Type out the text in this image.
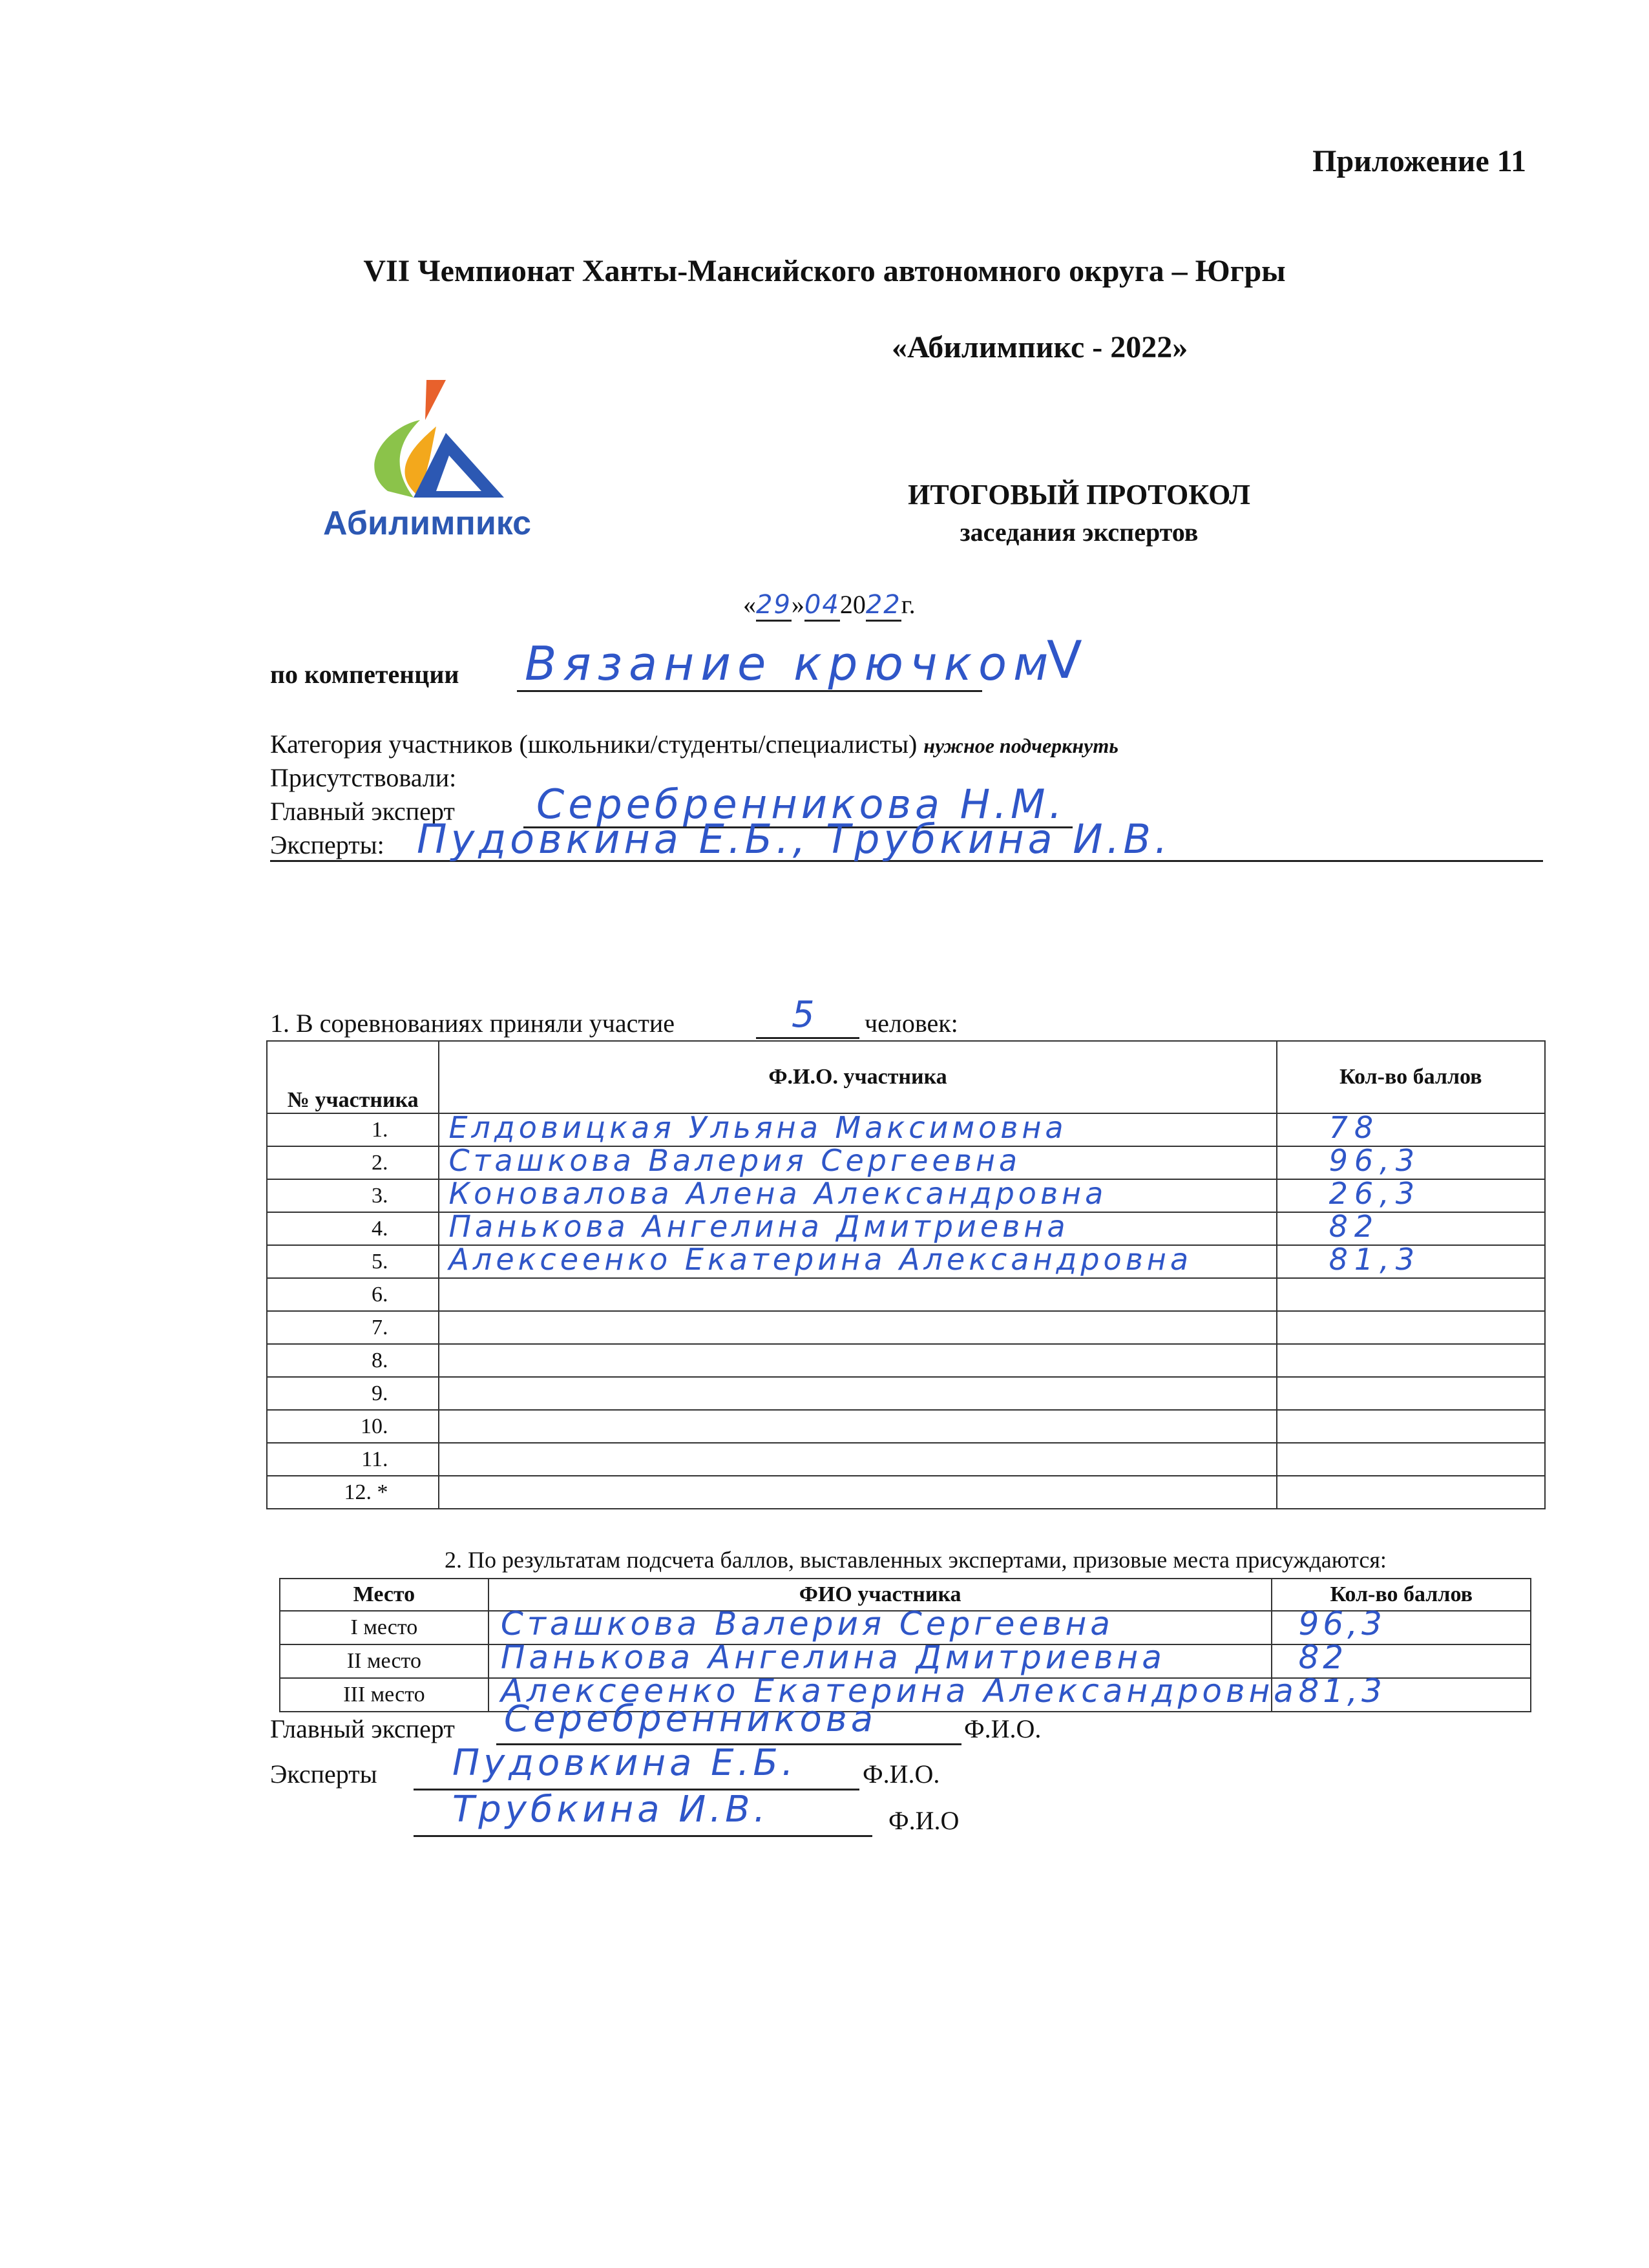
Приложение 11
VII Чемпионат Ханты-Мансийского автономного округа – Югры
«Абилимпикс - 2022»
Абилимпикс
ИТОГОВЫЙ ПРОТОКОЛ
заседания экспертов
«29»042022г.
по компетенции Вязание крючком
V
Категория участников (школьники/студенты/специалисты) нужное подчеркнуть
Присутствовали:
Главный эксперт Серебренникова Н.М.
Эксперты: Пудовкина Е.Б., Трубкина И.В.
1. В соревнованиях приняли участие	5 человек:
№ участника	Ф.И.О. участника	Кол-во баллов
1.	Елдовицкая Ульяна Максимовна	78

2.	Сташкова Валерия Сергеевна	96,3

3.	Коновалова Алена Александровна	26,3

4.	Панькова Ангелина Дмитриевна	82

5.	Алексеенко Екатерина Александровна	81,3

6.	

7.	

8.	

9.	

10.	

11.	

12. *	

2. По результатам подсчета баллов, выставленных экспертами, призовые места присуждаются:
Место	ФИО участника	Кол-во баллов
I место	Сташкова Валерия Сергеевна	96,3

II место	Панькова Ангелина Дмитриевна	82

III место	Алексеенко Екатерина Александровна	81,3
Главный эксперт Серебренникова	Ф.И.О.
Эксперты Пудовкина Е.Б.	Ф.И.О.
Трубкина И.В.	Ф.И.О
